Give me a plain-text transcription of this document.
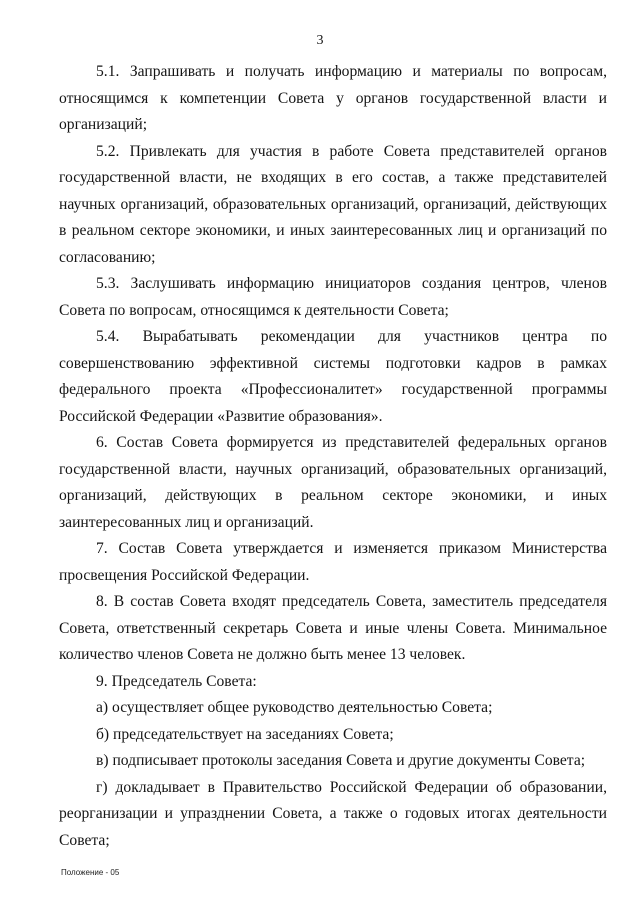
3

5.1. Запрашивать и получать информацию и материалы по вопросам, относящимся к компетенции Совета у органов государственной власти и организаций;

5.2. Привлекать для участия в работе Совета представителей органов государственной власти, не входящих в его состав, а также представителей научных организаций, образовательных организаций, организаций, действующих в реальном секторе экономики, и иных заинтересованных лиц и организаций по согласованию;

5.3. Заслушивать информацию инициаторов создания центров, членов Совета по вопросам, относящимся к деятельности Совета;

5.4. Вырабатывать рекомендации для участников центра по совершенствованию эффективной системы подготовки кадров в рамках федерального проекта «Профессионалитет» государственной программы Российской Федерации «Развитие образования».

6. Состав Совета формируется из представителей федеральных органов государственной власти, научных организаций, образовательных организаций, организаций, действующих в реальном секторе экономики, и иных заинтересованных лиц и организаций.

7. Состав Совета утверждается и изменяется приказом Министерства просвещения Российской Федерации.

8. В состав Совета входят председатель Совета, заместитель председателя Совета, ответственный секретарь Совета и иные члены Совета. Минимальное количество членов Совета не должно быть менее 13 человек.

9. Председатель Совета:

а) осуществляет общее руководство деятельностью Совета;

б) председательствует на заседаниях Совета;

в) подписывает протоколы заседания Совета и другие документы Совета;

г) докладывает в Правительство Российской Федерации об образовании, реорганизации и упразднении Совета, а также о годовых итогах деятельности Совета;

Положение - 05
